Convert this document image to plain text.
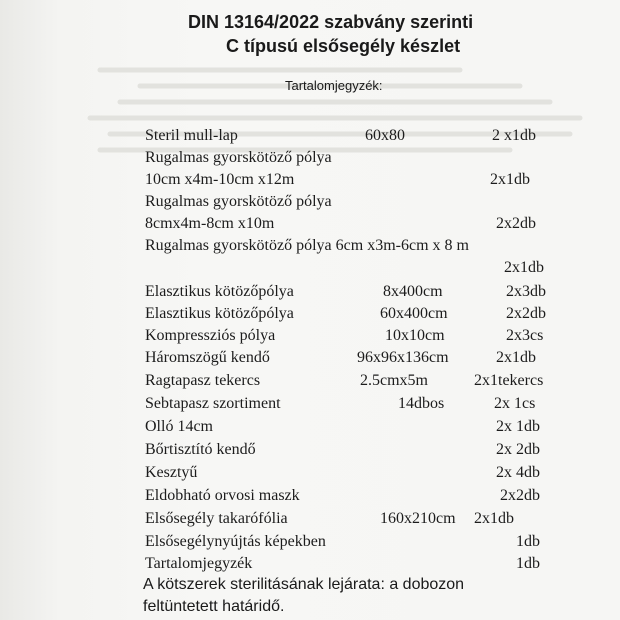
DIN 13164/2022 szabvány szerinti
C típusú elsősegély készlet
Tartalomjegyzék:
Steril mull-lap	60x80	2 x1db
Rugalmas gyorskötöző pólya
10cm x4m-10cm x12m	2x1db
Rugalmas gyorskötöző pólya
8cmx4m-8cm x10m	2x2db
Rugalmas gyorskötöző pólya 6cm x3m-6cm x 8 m
2x1db
Elasztikus kötözőpólya	8x400cm	2x3db
Elasztikus kötözőpólya	60x400cm	2x2db
Kompressziós pólya	10x10cm	2x3cs
Háromszögű kendő	96x96x136cm	2x1db
Ragtapasz tekercs	2.5cmx5m	2x1tekercs
Sebtapasz szortiment	14dbos	2x 1cs
Olló 14cm	2x 1db
Bőrtisztító kendő	2x 2db
Kesztyű	2x 4db
Eldobható orvosi maszk	2x2db
Elsősegély takarófólia	160x210cm 2x1db
Elsősegélynyújtás képekben	1db
Tartalomjegyzék	1db
A kötszerek sterilitásának lejárata: a dobozon
feltüntetett határidő.
